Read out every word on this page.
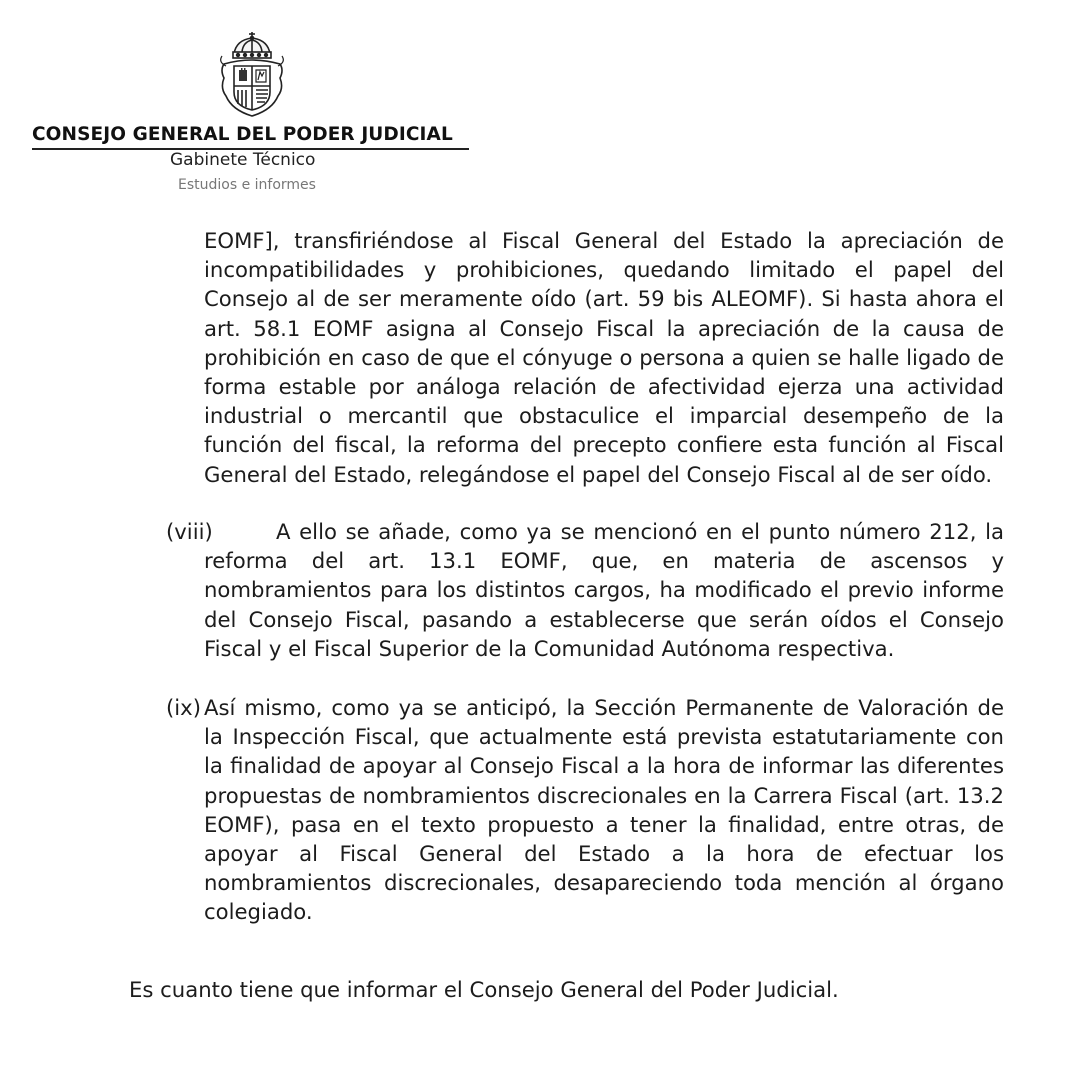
CONSEJO GENERAL DEL PODER JUDICIAL
Gabinete Técnico
Estudios e informes
EOMF], transfiriéndose al Fiscal General del Estado la apreciación de incompatibilidades y prohibiciones, quedando limitado el papel del Consejo al de ser meramente oído (art. 59 bis ALEOMF). Si hasta ahora el art. 58.1 EOMF asigna al Consejo Fiscal la apreciación de la causa de prohibición en caso de que el cónyuge o persona a quien se halle ligado de forma estable por análoga relación de afectividad ejerza una actividad industrial o mercantil que obstaculice el imparcial desempeño de la función del fiscal, la reforma del precepto confiere esta función al Fiscal General del Estado, relegándose el papel del Consejo Fiscal al de ser oído.
(viii)	A ello se añade, como ya se mencionó en el punto número 212, la reforma del art. 13.1 EOMF, que, en materia de ascensos y nombramientos para los distintos cargos, ha modificado el previo informe del Consejo Fiscal, pasando a establecerse que serán oídos el Consejo Fiscal y el Fiscal Superior de la Comunidad Autónoma respectiva.
(ix) Así mismo, como ya se anticipó, la Sección Permanente de Valoración de la Inspección Fiscal, que actualmente está prevista estatutariamente con la finalidad de apoyar al Consejo Fiscal a la hora de informar las diferentes propuestas de nombramientos discrecionales en la Carrera Fiscal (art. 13.2 EOMF), pasa en el texto propuesto a tener la finalidad, entre otras, de apoyar al Fiscal General del Estado a la hora de efectuar los nombramientos discrecionales, desapareciendo toda mención al órgano colegiado.
Es cuanto tiene que informar el Consejo General del Poder Judicial.
